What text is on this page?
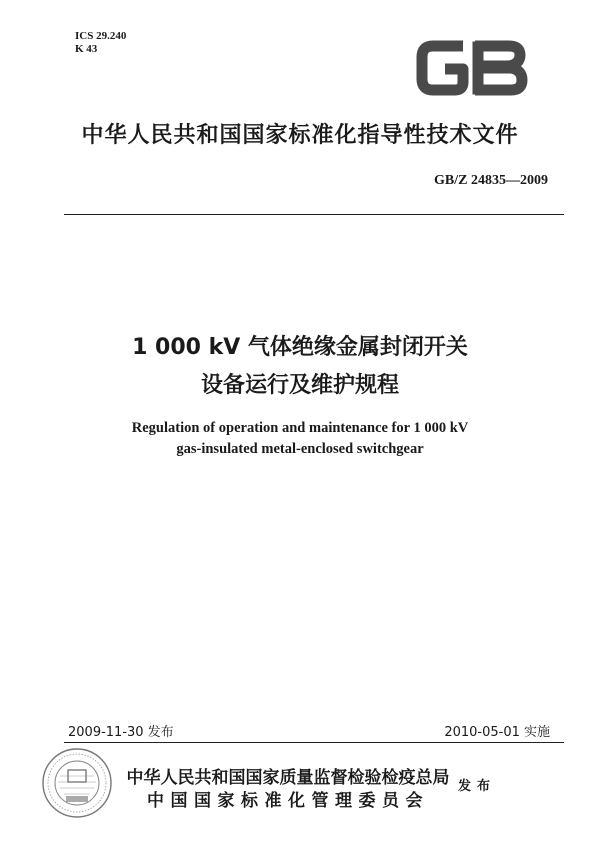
ICS 29.240
K 43
中华人民共和国国家标准化指导性技术文件
GB/Z 24835—2009
1 000 kV 气体绝缘金属封闭开关
设备运行及维护规程
Regulation of operation and maintenance for 1 000 kV
gas-insulated metal-enclosed switchgear
2009-11-30 发布	2010-05-01 实施
中华人民共和国国家质量监督检验检疫总局
中国国家标准化管理委员会
发布
